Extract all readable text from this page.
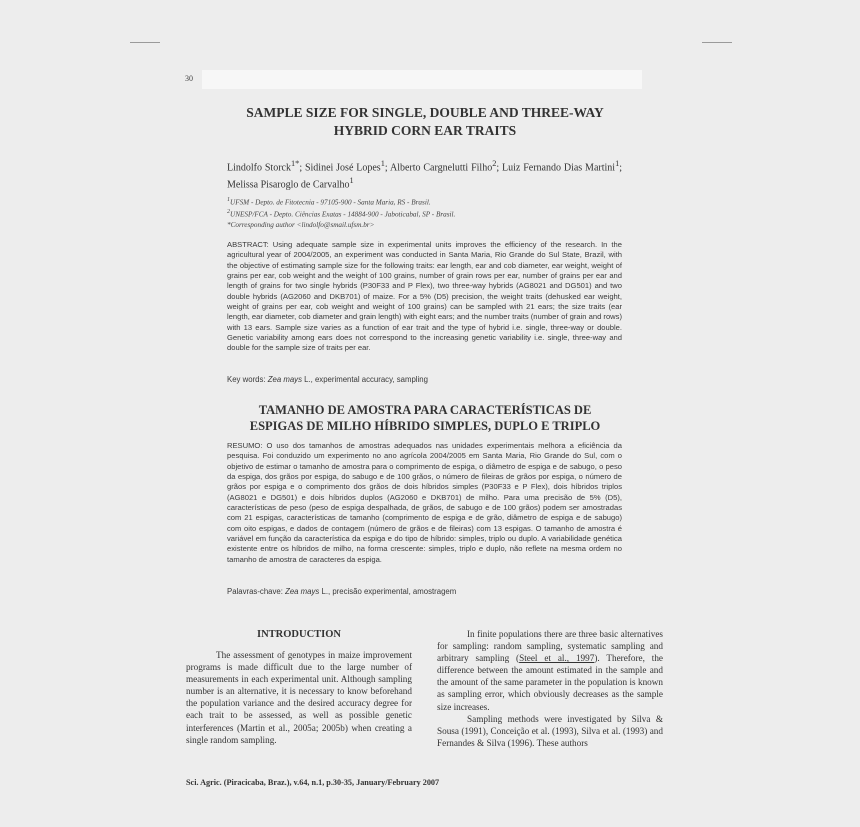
30
SAMPLE SIZE FOR SINGLE, DOUBLE AND THREE-WAY
HYBRID CORN EAR TRAITS
Lindolfo Storck$^{1*}$; Sidinei José Lopes$^1$; Alberto Cargnelutti Filho$^2$; Luiz Fernando Dias Martini$^1$; Melissa Pisaroglo de Carvalho$^1$
$^1$UFSM - Depto. de Fitotecnia - 97105-900 - Santa Maria, RS - Brasil.
$^2$UNESP/FCA - Depto. Ciências Exatas - 14884-900 - Jaboticabal, SP - Brasil.
*Corresponding author <lindolfo@smail.ufsm.br>
ABSTRACT: Using adequate sample size in experimental units improves the efficiency of the research. In the agricultural year of 2004/2005, an experiment was conducted in Santa Maria, Rio Grande do Sul State, Brazil, with the objective of estimating sample size for the following traits: ear length, ear and cob diameter, ear weight, weight of grains per ear, cob weight and the weight of 100 grains, number of grain rows per ear, number of grains per ear and length of grains for two single hybrids (P30F33 and P Flex), two three-way hybrids (AG8021 and DG501) and two double hybrids (AG2060 and DKB701) of maize. For a 5% (D5) precision, the weight traits (dehusked ear weight, weight of grains per ear, cob weight and weight of 100 grains) can be sampled with 21 ears; the size traits (ear length, ear diameter, cob diameter and grain length) with eight ears; and the number traits (number of grain and rows) with 13 ears. Sample size varies as a function of ear trait and the type of hybrid i.e. single, three-way or double. Genetic variability among ears does not correspond to the increasing genetic variability i.e. single, three-way and double for the sample size of traits per ear.
Key words: Zea mays L., experimental accuracy, sampling
TAMANHO DE AMOSTRA PARA CARACTERÍSTICAS DE
ESPIGAS DE MILHO HÍBRIDO SIMPLES, DUPLO E TRIPLO
RESUMO: O uso dos tamanhos de amostras adequados nas unidades experimentais melhora a eficiência da pesquisa. Foi conduzido um experimento no ano agrícola 2004/2005 em Santa Maria, Rio Grande do Sul, com o objetivo de estimar o tamanho de amostra para o comprimento de espiga, o diâmetro de espiga e de sabugo, o peso da espiga, dos grãos por espiga, do sabugo e de 100 grãos, o número de fileiras de grãos por espiga, o número de grãos por espiga e o comprimento dos grãos de dois híbridos simples (P30F33 e P Flex), dois híbridos triplos (AG8021 e DG501) e dois híbridos duplos (AG2060 e DKB701) de milho. Para uma precisão de 5% (D5), características de peso (peso de espiga despalhada, de grãos, de sabugo e de 100 grãos) podem ser amostradas com 21 espigas, características de tamanho (comprimento de espiga e de grão, diâmetro de espiga e de sabugo) com oito espigas, e dados de contagem (número de grãos e de fileiras) com 13 espigas. O tamanho de amostra é variável em função da característica da espiga e do tipo de híbrido: simples, triplo ou duplo. A variabilidade genética existente entre os híbridos de milho, na forma crescente: simples, triplo e duplo, não reflete na mesma ordem no tamanho de amostra de caracteres da espiga.
Palavras-chave: Zea mays L., precisão experimental, amostragem
INTRODUCTION

The assessment of genotypes in maize improvement programs is made difficult due to the large number of measurements in each experimental unit. Although sampling number is an alternative, it is necessary to know beforehand the population variance and the desired accuracy degree for each trait to be assessed, as well as possible genetic interferences (Martin et al., 2005a; 2005b) when creating a single random sampling.

In finite populations there are three basic alternatives for sampling: random sampling, systematic sampling and arbitrary sampling (Steel et al., 1997). Therefore, the difference between the amount estimated in the sample and the amount of the same parameter in the population is known as sampling error, which obviously decreases as the sample size increases.

Sampling methods were investigated by Silva & Sousa (1991), Conceição et al. (1993), Silva et al. (1993) and Fernandes & Silva (1996). These authors

Sci. Agric. (Piracicaba, Braz.), v.64, n.1, p.30-35, January/February 2007
